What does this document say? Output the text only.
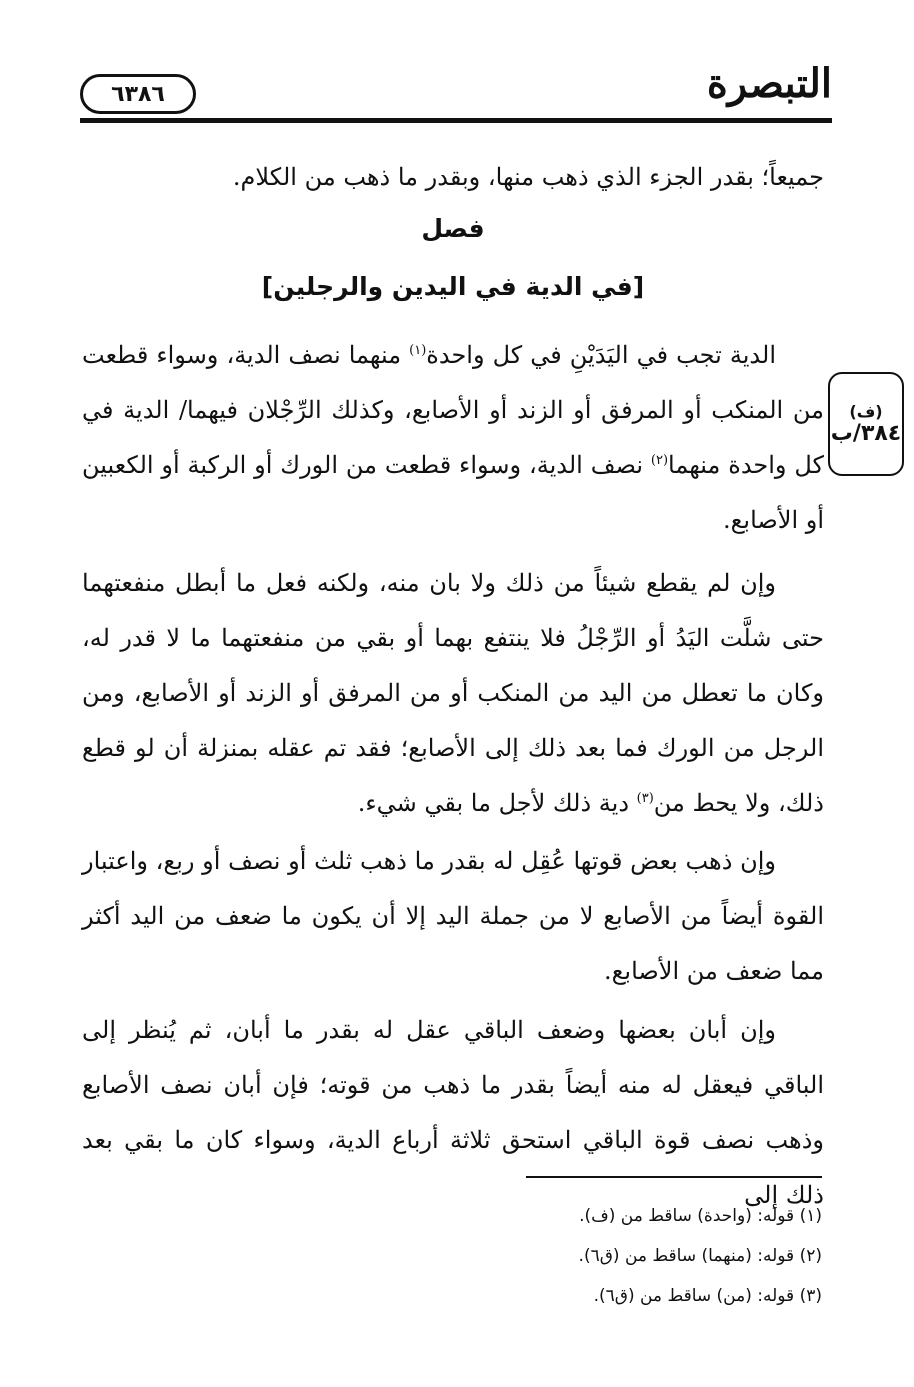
٦٣٨٦	التبصرة
جميعاً؛ بقدر الجزء الذي ذهب منها، وبقدر ما ذهب من الكلام.
فصل
[في الدية في اليدين والرجلين]
الدية تجب في اليَدَيْنِ في كل واحدة$^{(١)}$ منهما نصف الدية، وسواء قطعت من المنكب أو المرفق أو الزند أو الأصابع، وكذلك الرِّجْلان فيهما/ الدية في كل واحدة منهما$^{(٢)}$ نصف الدية، وسواء قطعت من الورك أو الركبة أو الكعبين أو الأصابع.
(ف)
٣٨٤/ب
وإن لم يقطع شيئاً من ذلك ولا بان منه، ولكنه فعل ما أبطل منفعتهما حتى شلَّت اليَدُ أو الرِّجْلُ فلا ينتفع بهما أو بقي من منفعتهما ما لا قدر له، وكان ما تعطل من اليد من المنكب أو من المرفق أو الزند أو الأصابع، ومن الرجل من الورك فما بعد ذلك إلى الأصابع؛ فقد تم عقله بمنزلة أن لو قطع ذلك، ولا يحط من$^{(٣)}$ دية ذلك لأجل ما بقي شيء.
وإن ذهب بعض قوتها عُقِل له بقدر ما ذهب ثلث أو نصف أو ربع، واعتبار القوة أيضاً من الأصابع لا من جملة اليد إلا أن يكون ما ضعف من اليد أكثر مما ضعف من الأصابع.
وإن أبان بعضها وضعف الباقي عقل له بقدر ما أبان، ثم يُنظر إلى الباقي فيعقل له منه أيضاً بقدر ما ذهب من قوته؛ فإن أبان نصف الأصابع وذهب نصف قوة الباقي استحق ثلاثة أرباع الدية، وسواء كان ما بقي بعد ذلك إلى
(١) قوله: (واحدة) ساقط من (ف).
(٢) قوله: (منهما) ساقط من (ق٦).
(٣) قوله: (من) ساقط من (ق٦).
